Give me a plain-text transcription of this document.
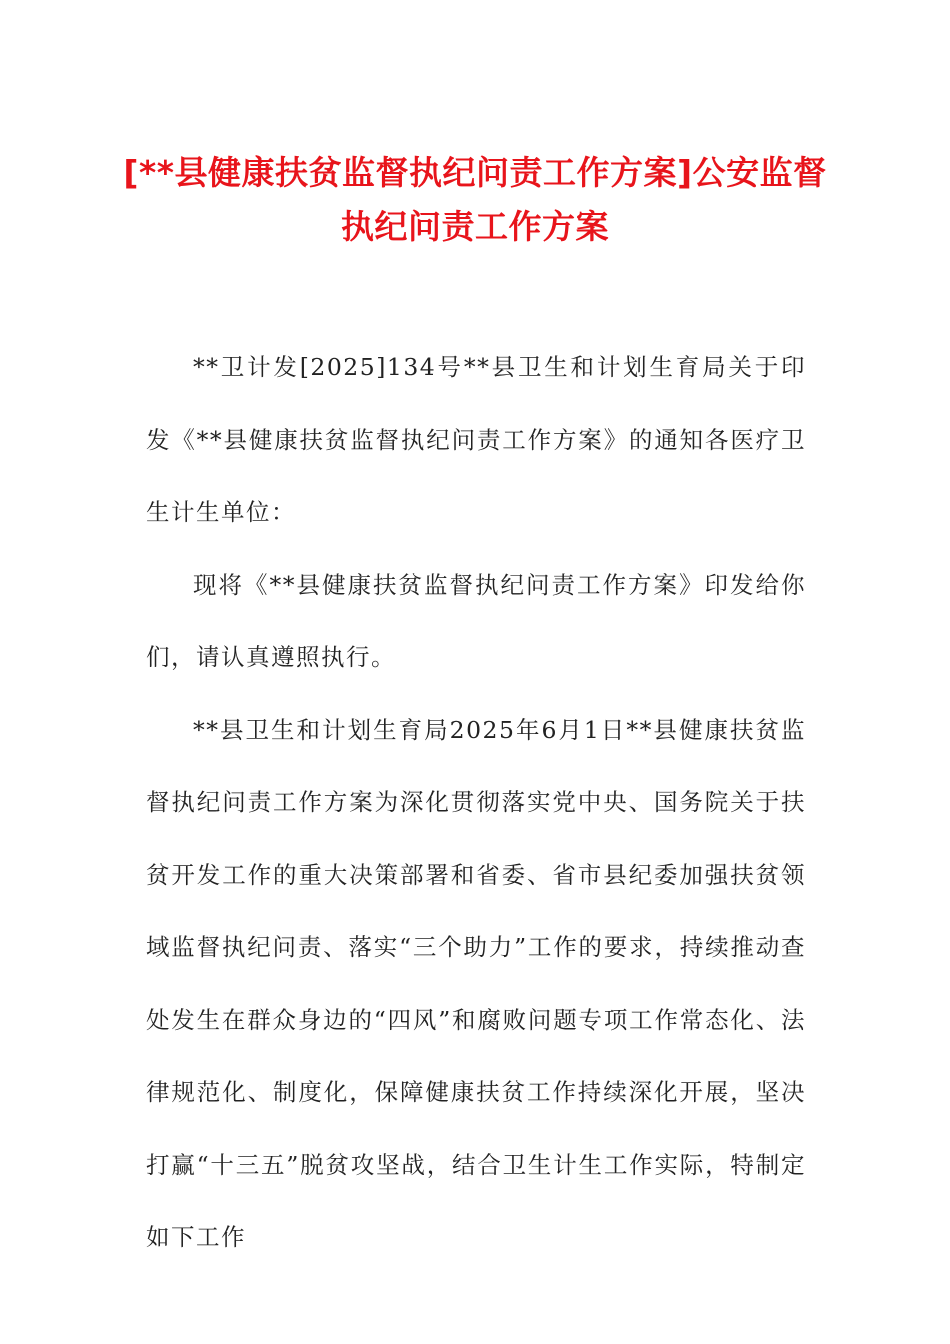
[**县健康扶贫监督执纪问责工作方案]公安监督执纪问责工作方案

**卫计发[2025]134号**县卫生和计划生育局关于印发《**县健康扶贫监督执纪问责工作方案》的通知各医疗卫生计生单位：

现将《**县健康扶贫监督执纪问责工作方案》印发给你们，请认真遵照执行。

**县卫生和计划生育局2025年6月1日**县健康扶贫监督执纪问责工作方案为深化贯彻落实党中央、国务院关于扶贫开发工作的重大决策部署和省委、省市县纪委加强扶贫领域监督执纪问责、落实“三个助力”工作的要求，持续推动查处发生在群众身边的“四风”和腐败问题专项工作常态化、法律规范化、制度化，保障健康扶贫工作持续深化开展，坚决打赢“十三五”脱贫攻坚战，结合卫生计生工作实际，特制定如下工作
